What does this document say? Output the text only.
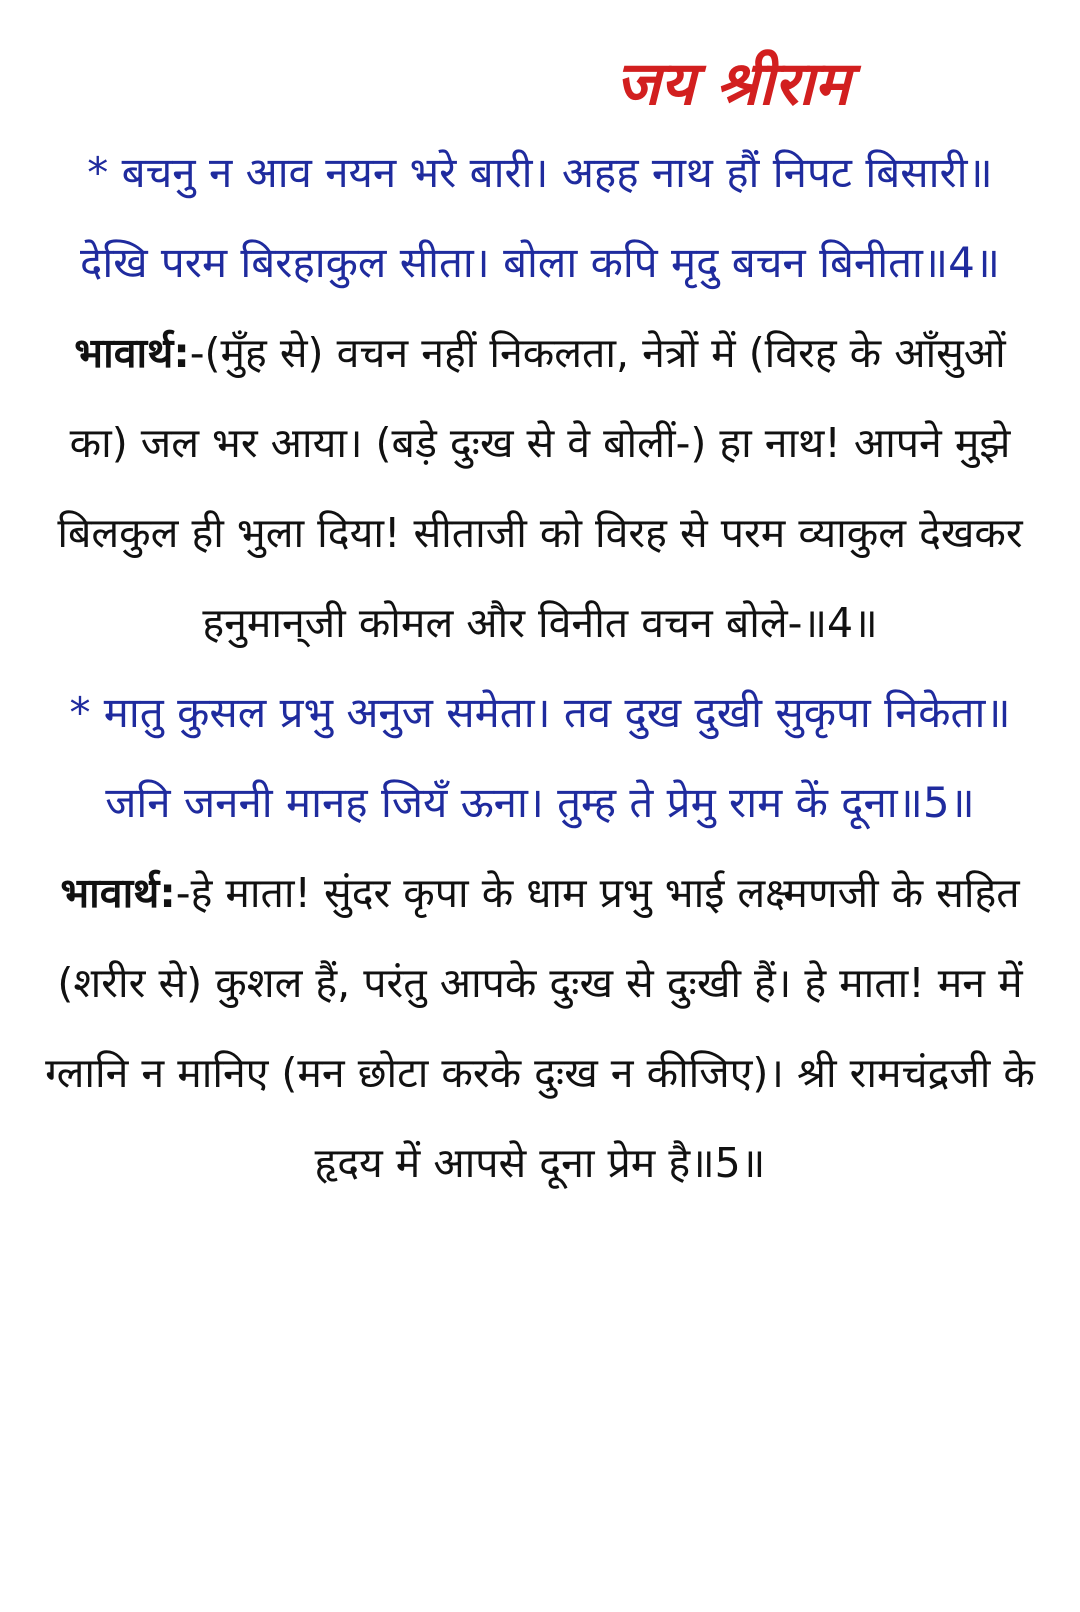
जय श्रीराम

* बचनु न आव नयन भरे बारी। अहह नाथ हौं निपट बिसारी॥

देखि परम बिरहाकुल सीता। बोला कपि मृदु बचन बिनीता॥4॥

भावार्थ:-(मुँह से) वचन नहीं निकलता, नेत्रों में (विरह के आँसुओं का) जल भर आया। (बड़े दुःख से वे बोलीं-) हा नाथ! आपने मुझे बिलकुल ही भुला दिया! सीताजी को विरह से परम व्याकुल देखकर हनुमान्‌जी कोमल और विनीत वचन बोले-॥4॥

* मातु कुसल प्रभु अनुज समेता। तव दुख दुखी सुकृपा निकेता॥

जनि जननी मानह जियँ ऊना। तुम्ह ते प्रेमु राम कें दूना॥5॥

भावार्थ:-हे माता! सुंदर कृपा के धाम प्रभु भाई लक्ष्मणजी के सहित (शरीर से) कुशल हैं, परंतु आपके दुःख से दुःखी हैं। हे माता! मन में ग्लानि न मानिए (मन छोटा करके दुःख न कीजिए)। श्री रामचंद्रजी के हृदय में आपसे दूना प्रेम है॥5॥
